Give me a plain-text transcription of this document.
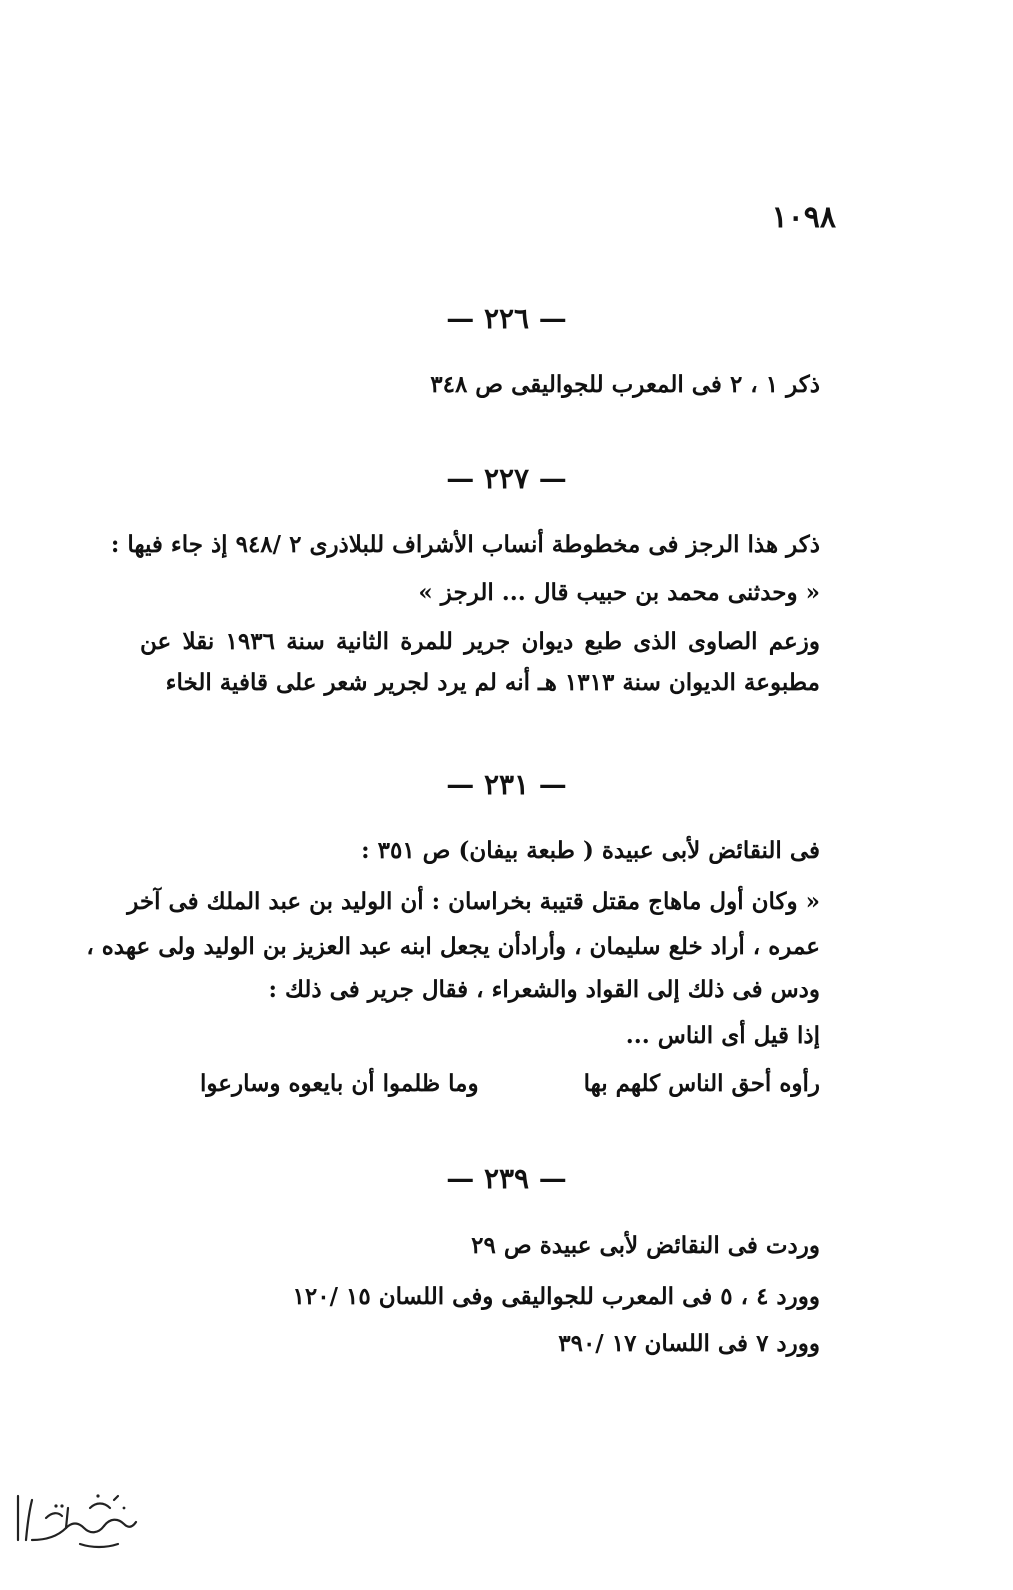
١٠٩٨
— ٢٢٦ —
ذكر ١ ، ٢ فى المعرب للجواليقى ص ٣٤٨
— ٢٢٧ —
ذكر هذا الرجز فى مخطوطة أنساب الأشراف للبلاذرى ٢ /٩٤٨ إذ جاء فيها :
« وحدثنى محمد بن حبيب قال ... الرجز »
وزعم الصاوى الذى طبع ديوان جرير للمرة الثانية سنة ١٩٣٦ نقلا عن
مطبوعة الديوان سنة ١٣١٣ هـ أنه لم يرد لجرير شعر على قافية الخاء
— ٢٣١ —
فى النقائض لأبى عبيدة ( طبعة بيفان) ص ٣٥١ :
« وكان أول ماهاج مقتل قتيبة بخراسان : أن الوليد بن عبد الملك فى آخر
عمره ، أراد خلع سليمان ، وأرادأن يجعل ابنه عبد العزيز بن الوليد ولى عهده ،
ودس فى ذلك إلى القواد والشعراء ، فقال جرير فى ذلك :
إذا قيل أى الناس ...
رأوه أحق الناس كلهم بها
وما ظلموا أن بايعوه وسارعوا
— ٢٣٩ —
وردت فى النقائض لأبى عبيدة ص ٢٩
وورد ٤ ، ٥ فى المعرب للجواليقى وفى اللسان ١٥ /١٢٠
وورد ٧ فى اللسان ١٧ /٣٩٠
